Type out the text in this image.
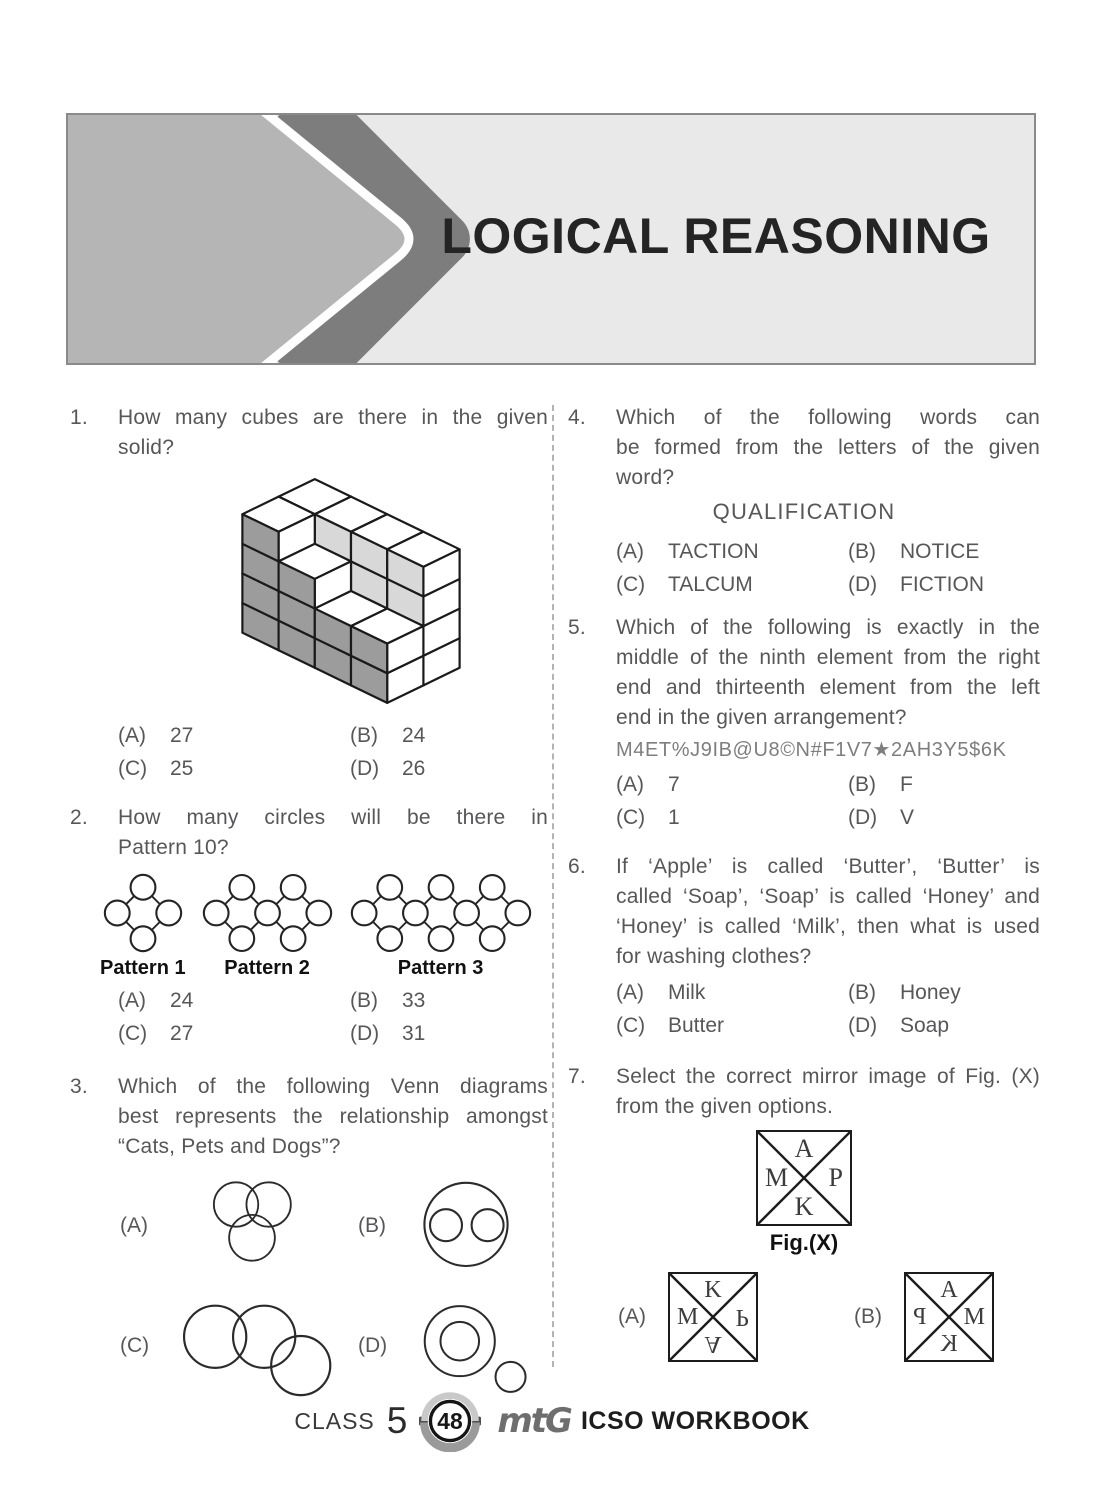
LOGICAL REASONING
1.	How many cubes are there in the given
solid?
(A)	27	(B)	24
(C)	25	(D)	26
2.	How many circles will be there in
Pattern 10?
Pattern 1 Pattern 2	Pattern 3
(A)	24	(B)	33
(C)	27	(D)	31
3.	Which of the following Venn diagrams
best represents the relationship amongst
“Cats, Pets and Dogs”?
(A)	(B)
(C)	(D)
4.	Which of the following words can
be formed from the letters of the given
word?
QUALIFICATION
(A)	TACTION	(B)	NOTICE
(C)	TALCUM	(D)	FICTION
5.	Which of the following is exactly in the
middle of the ninth element from the right
end and thirteenth element from the left
end in the given arrangement?
M4ET%J9IB@U8©N#F1V7★2AH3Y5$6K
(A)	7	(B)	F
(C)	1	(D)	V
6.	If ‘Apple’ is called ‘Butter’, ‘Butter’ is
called ‘Soap’, ‘Soap’ is called ‘Honey’ and
‘Honey’ is called ‘Milk’, then what is used
for washing clothes?
(A)	Milk	(B)	Honey
(C)	Butter	(D)	Soap
7.	Select the correct mirror image of Fig. (X)
from the given options.
A
M P
K
Fig.(X)
(A)
K
M P
A
(B)
A
P M
K
CLASS 5 48 mtG ICSO WORKBOOK
